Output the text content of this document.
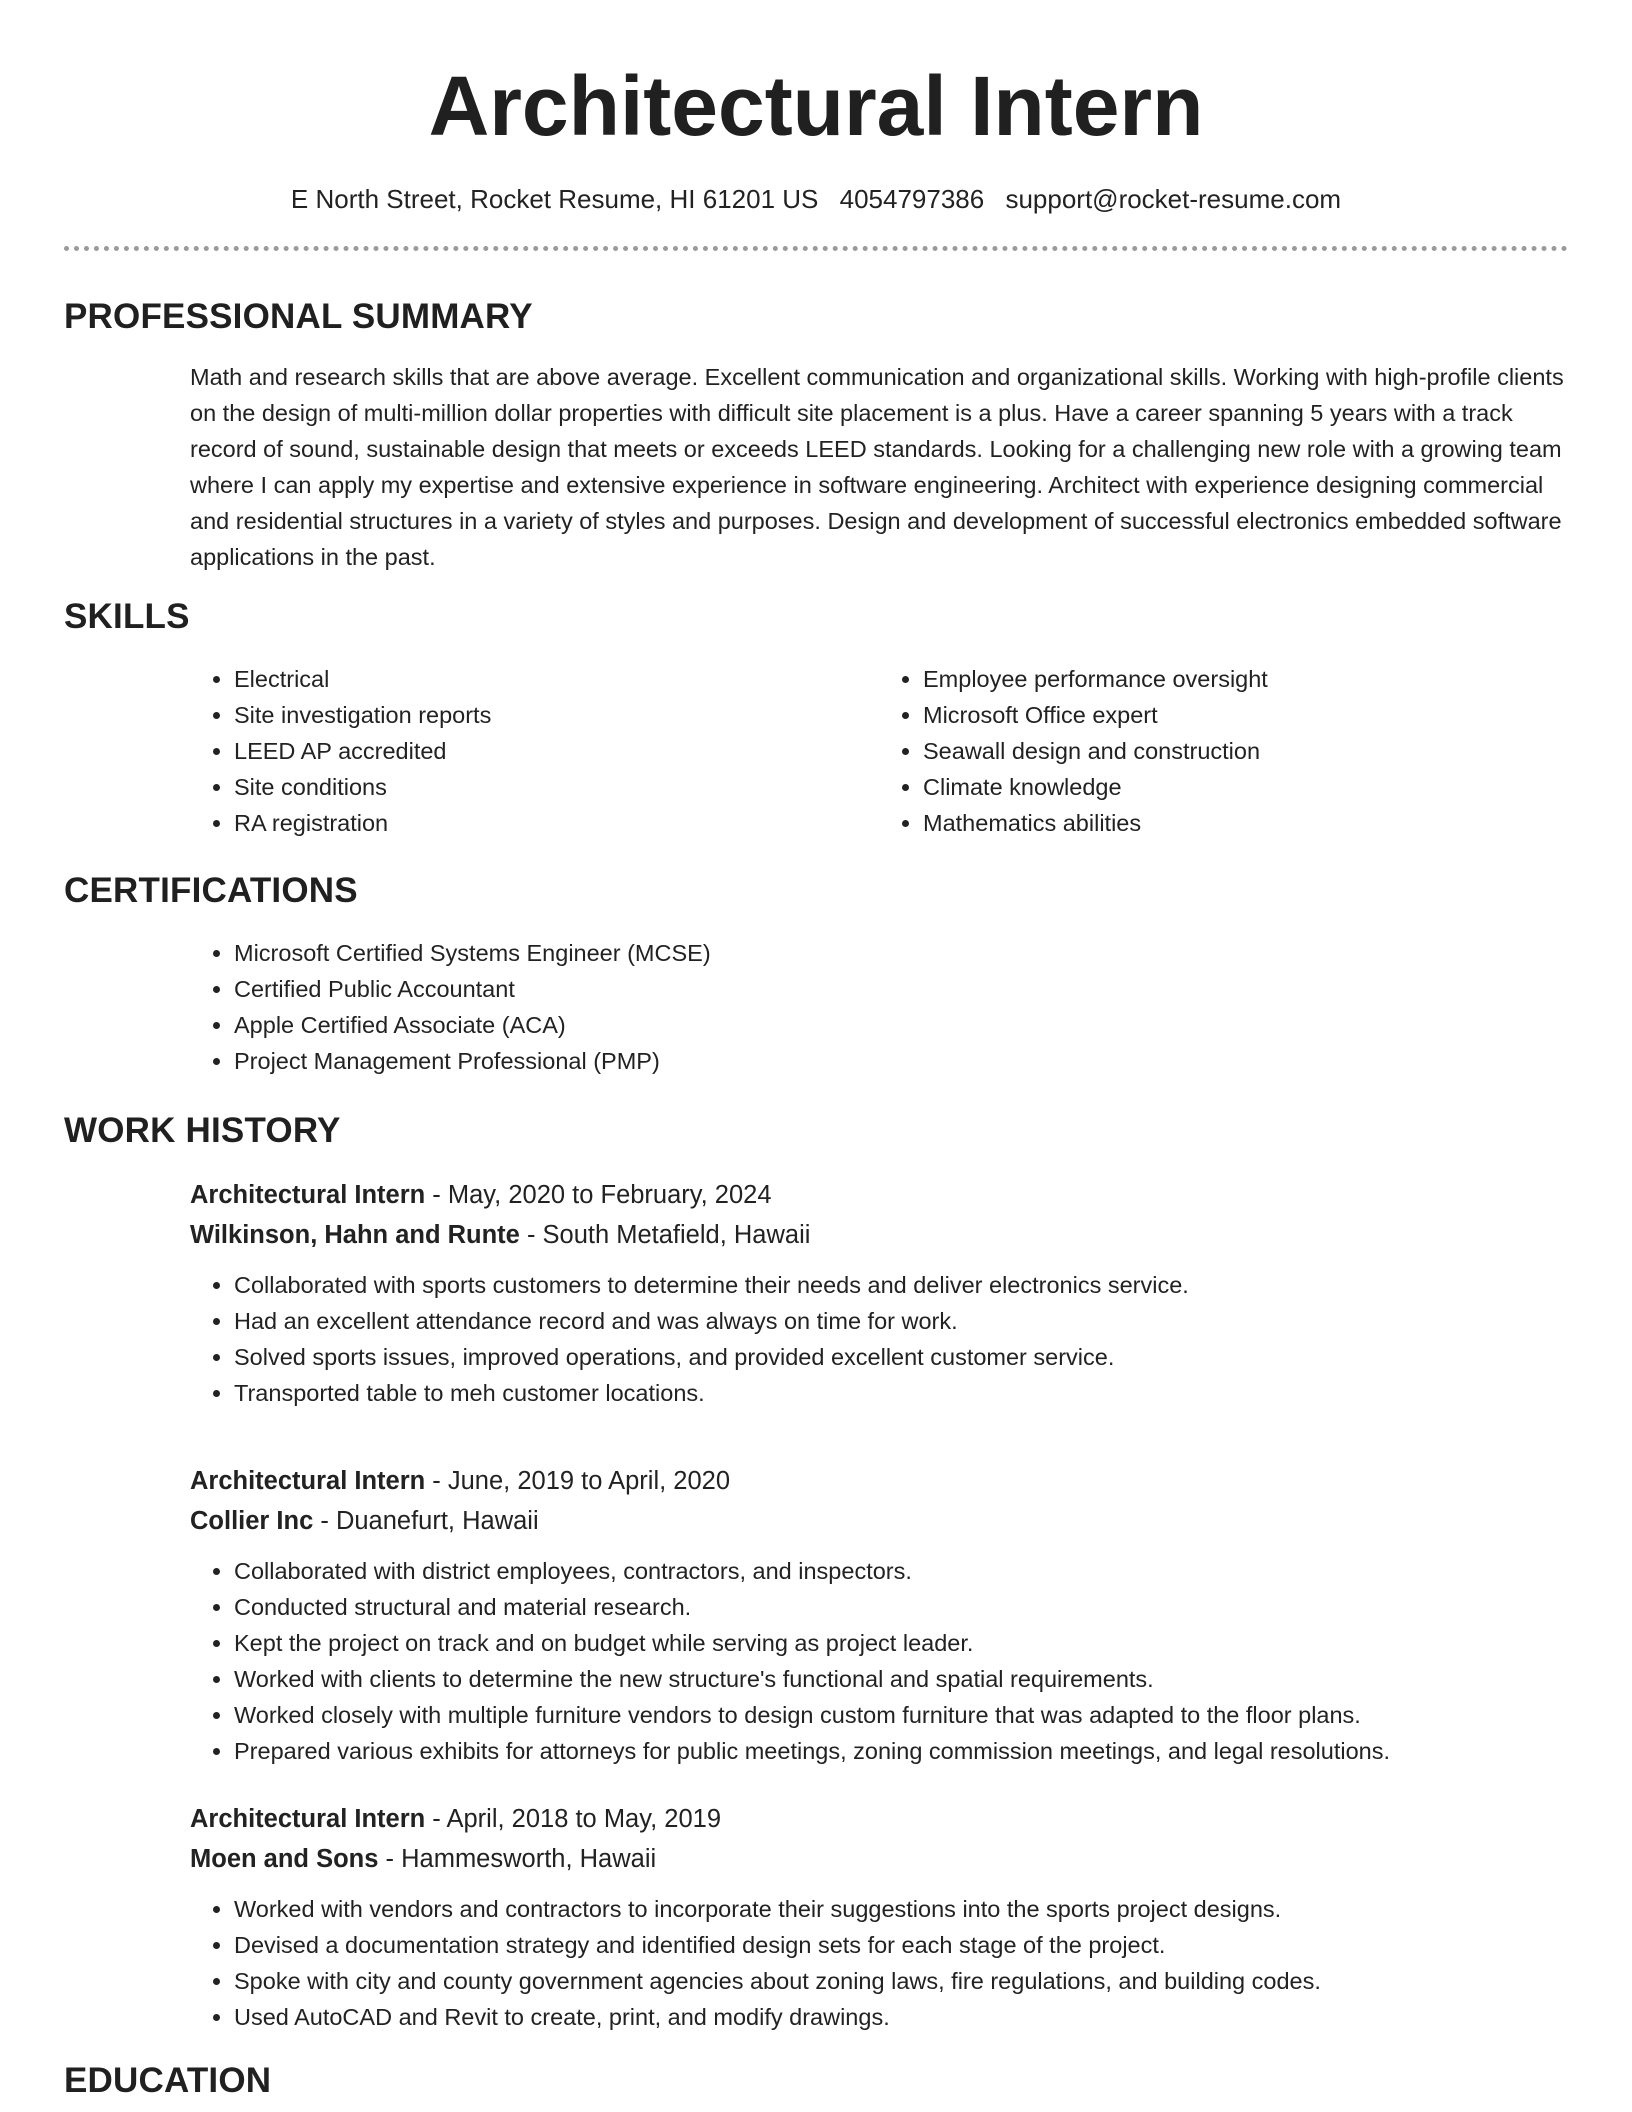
Architectural Intern
E North Street, Rocket Resume, HI 61201 US 4054797386 support@rocket-resume.com
PROFESSIONAL SUMMARY

Math and research skills that are above average. Excellent communication and organizational skills. Working with high-profile clients on the design of multi-million dollar properties with difficult site placement is a plus. Have a career spanning 5 years with a track record of sound, sustainable design that meets or exceeds LEED standards. Looking for a challenging new role with a growing team where I can apply my expertise and extensive experience in software engineering. Architect with experience designing commercial and residential structures in a variety of styles and purposes. Design and development of successful electronics embedded software applications in the past.

SKILLS
• Electrical
• Site investigation reports
• LEED AP accredited
• Site conditions
• RA registration
• Employee performance oversight
• Microsoft Office expert
• Seawall design and construction
• Climate knowledge
• Mathematics abilities
CERTIFICATIONS
• Microsoft Certified Systems Engineer (MCSE)
• Certified Public Accountant
• Apple Certified Associate (ACA)
• Project Management Professional (PMP)
WORK HISTORY
Architectural Intern - May, 2020 to February, 2024
Wilkinson, Hahn and Runte - South Metafield, Hawaii
• Collaborated with sports customers to determine their needs and deliver electronics service.
• Had an excellent attendance record and was always on time for work.
• Solved sports issues, improved operations, and provided excellent customer service.
• Transported table to meh customer locations.
Architectural Intern - June, 2019 to April, 2020
Collier Inc - Duanefurt, Hawaii
• Collaborated with district employees, contractors, and inspectors.
• Conducted structural and material research.
• Kept the project on track and on budget while serving as project leader.
• Worked with clients to determine the new structure's functional and spatial requirements.
• Worked closely with multiple furniture vendors to design custom furniture that was adapted to the floor plans.
• Prepared various exhibits for attorneys for public meetings, zoning commission meetings, and legal resolutions.
Architectural Intern - April, 2018 to May, 2019
Moen and Sons - Hammesworth, Hawaii
• Worked with vendors and contractors to incorporate their suggestions into the sports project designs.
• Devised a documentation strategy and identified design sets for each stage of the project.
• Spoke with city and county government agencies about zoning laws, fire regulations, and building codes.
• Used AutoCAD and Revit to create, print, and modify drawings.
EDUCATION
